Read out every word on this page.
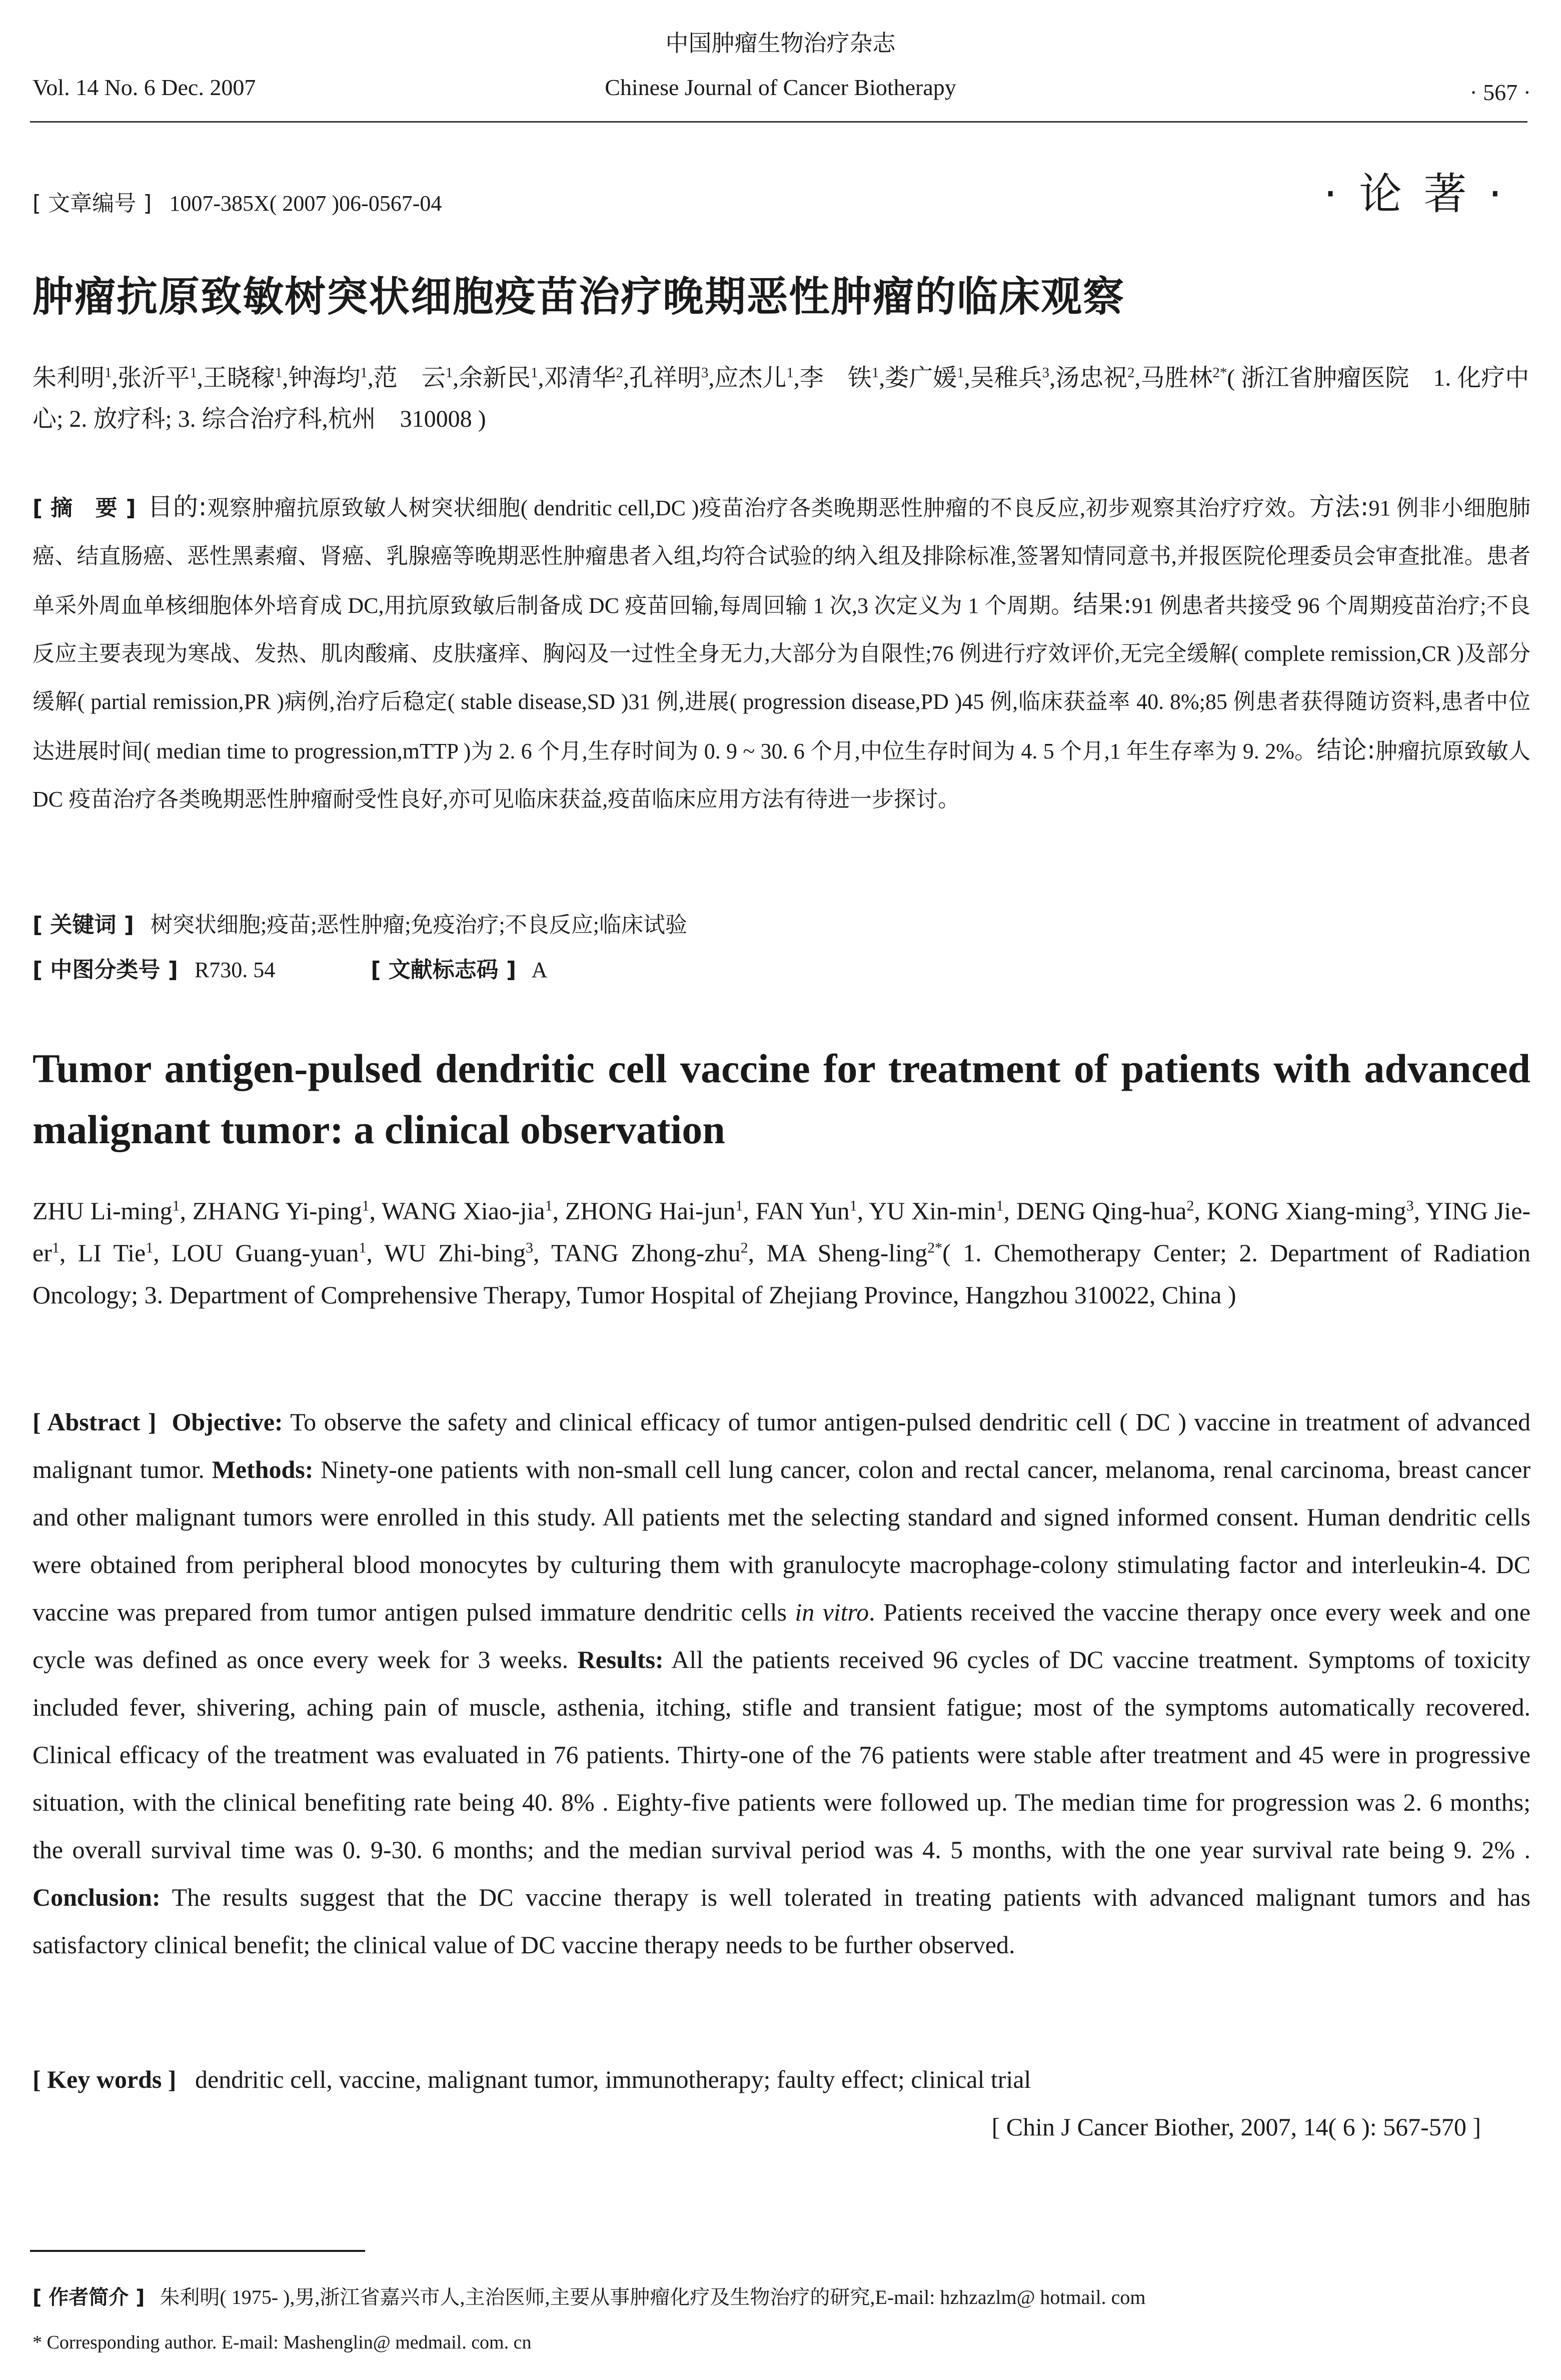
中国肿瘤生物治疗杂志
Vol. 14 No. 6 Dec. 2007	Chinese Journal of Cancer Biotherapy	· 567 ·
[ 文章编号 ] 1007-385X( 2007 )06-0567-04	· 论 著 ·
肿瘤抗原致敏树突状细胞疫苗治疗晚期恶性肿瘤的临床观察
朱利明$^1$,张沂平$^1$,王晓稼$^1$,钟海均$^1$,范　云$^1$,余新民$^1$,邓清华$^2$,孔祥明$^3$,应杰儿$^1$,李　铁$^1$,娄广媛$^1$,吴稚兵$^3$,汤忠祝$^2$,马胜林$^{2*}$( 浙江省肿瘤医院　1. 化疗中心; 2. 放疗科; 3. 综合治疗科,杭州　310008 )
[ 摘　要 ] 目的:观察肿瘤抗原致敏人树突状细胞( dendritic cell,DC )疫苗治疗各类晚期恶性肿瘤的不良反应,初步观察其治疗疗效。方法:91 例非小细胞肺癌、结直肠癌、恶性黑素瘤、肾癌、乳腺癌等晚期恶性肿瘤患者入组,均符合试验的纳入组及排除标准,签署知情同意书,并报医院伦理委员会审查批准。患者单采外周血单核细胞体外培育成 DC,用抗原致敏后制备成 DC 疫苗回输,每周回输 1 次,3 次定义为 1 个周期。结果:91 例患者共接受 96 个周期疫苗治疗;不良反应主要表现为寒战、发热、肌肉酸痛、皮肤瘙痒、胸闷及一过性全身无力,大部分为自限性;76 例进行疗效评价,无完全缓解( complete remission,CR )及部分缓解( partial remission,PR )病例,治疗后稳定( stable disease,SD )31 例,进展( progression disease,PD )45 例,临床获益率 40. 8%;85 例患者获得随访资料,患者中位达进展时间( median time to progression,mTTP )为 2. 6 个月,生存时间为 0. 9 ~ 30. 6 个月,中位生存时间为 4. 5 个月,1 年生存率为 9. 2%。结论:肿瘤抗原致敏人 DC 疫苗治疗各类晚期恶性肿瘤耐受性良好,亦可见临床获益,疫苗临床应用方法有待进一步探讨。
[ 关键词 ] 树突状细胞;疫苗;恶性肿瘤;免疫治疗;不良反应;临床试验
[ 中图分类号 ] R730. 54	[ 文献标志码 ] A
Tumor antigen-pulsed dendritic cell vaccine for treatment of patients with advanced malignant tumor: a clinical observation
ZHU Li-ming$^1$, ZHANG Yi-ping$^1$, WANG Xiao-jia$^1$, ZHONG Hai-jun$^1$, FAN Yun$^1$, YU Xin-$\min^1$, DENG Qing-hua$^2$, KONG Xiang-ming$^3$, YING Jie-$er^1$, LI Tie$^1$, LOU Guang-yuan$^1$, WU Zhi-bing$^3$, TANG Zhong-zhu$^2$, MA Sheng-ling$^{2*}$( 1. Chemotherapy Center; 2. Department of Radiation Oncology; 3. Department of Comprehensive Therapy, Tumor Hospital of Zhejiang Province, Hangzhou 310022, China )
[ Abstract ] Objective: To observe the safety and clinical efficacy of tumor antigen-pulsed dendritic cell ( DC ) vaccine in treatment of advanced malignant tumor. Methods: Ninety-one patients with non-small cell lung cancer, colon and rectal cancer, melanoma, renal carcinoma, breast cancer and other malignant tumors were enrolled in this study. All patients met the selecting standard and signed informed consent. Human dendritic cells were obtained from peripheral blood monocytes by culturing them with granulocyte macrophage-colony stimulating factor and interleukin-4. DC vaccine was prepared from tumor antigen pulsed immature dendritic cells in vitro. Patients received the vaccine therapy once every week and one cycle was defined as once every week for 3 weeks. Results: All the patients received 96 cycles of DC vaccine treatment. Symptoms of toxicity included fever, shivering, aching pain of muscle, asthenia, itching, stifle and transient fatigue; most of the symptoms automatically recovered. Clinical efficacy of the treatment was evaluated in 76 patients. Thirty-one of the 76 patients were stable after treatment and 45 were in progressive situation, with the clinical benefiting rate being 40. 8% . Eighty-five patients were followed up. The median time for progression was 2. 6 months; the overall survival time was 0. 9-30. 6 months; and the median survival period was 4. 5 months, with the one year survival rate being 9. 2% . Conclusion: The results suggest that the DC vaccine therapy is well tolerated in treating patients with advanced malignant tumors and has satisfactory clinical benefit; the clinical value of DC vaccine therapy needs to be further observed.
[ Key words ] dendritic cell, vaccine, malignant tumor, immunotherapy; faulty effect; clinical trial
[ Chin J Cancer Biother, 2007, 14( 6 ): 567-570 ]
[ 作者简介 ] 朱利明( 1975- ),男,浙江省嘉兴市人,主治医师,主要从事肿瘤化疗及生物治疗的研究,E-mail: hzhzazlm@ hotmail. com
* Corresponding author. E-mail: Mashenglin@ medmail. com. cn
